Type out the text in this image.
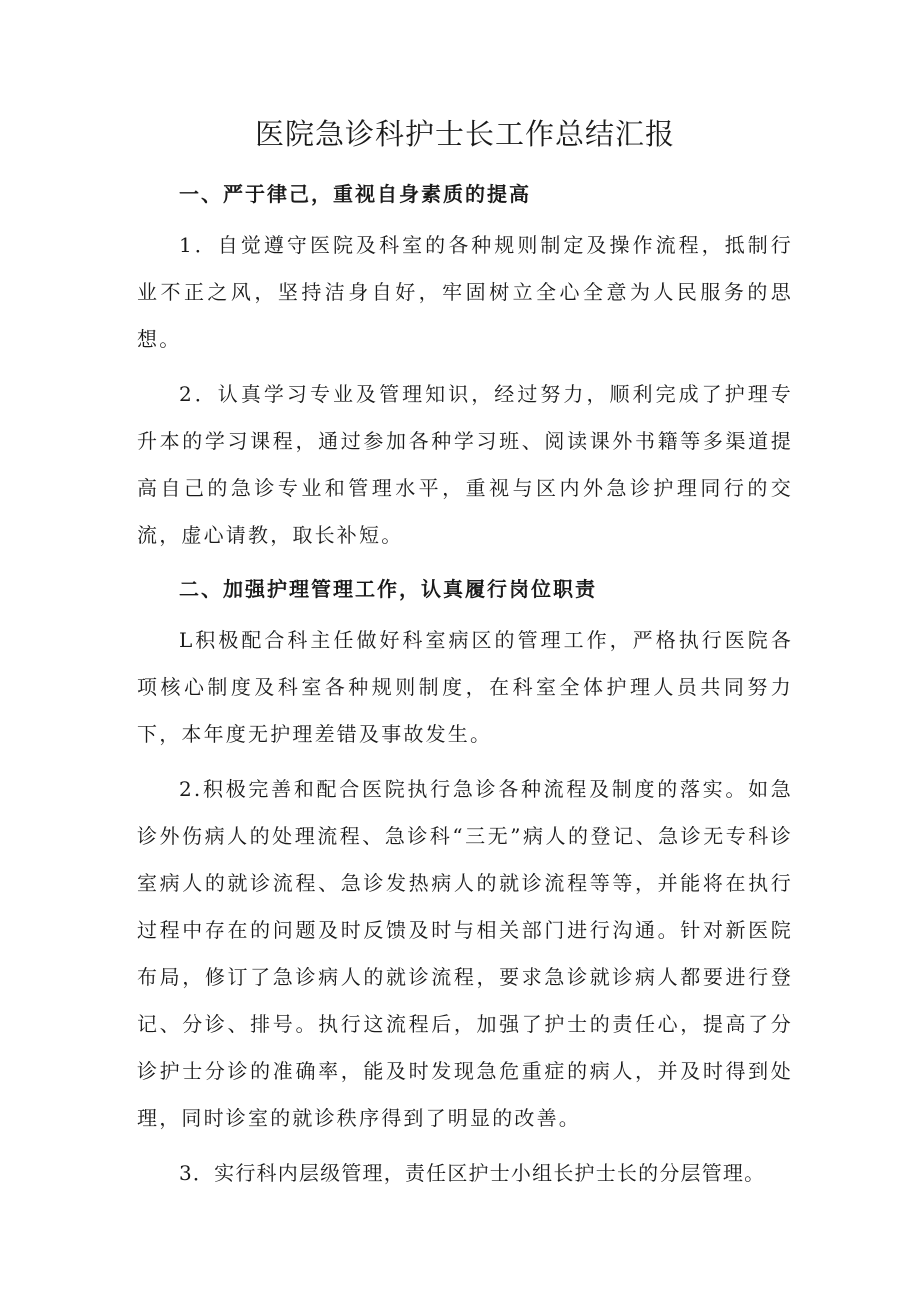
医院急诊科护士长工作总结汇报
一、严于律己，重视自身素质的提高

1．自觉遵守医院及科室的各种规则制定及操作流程，抵制行业不正之风，坚持洁身自好，牢固树立全心全意为人民服务的思想。

2．认真学习专业及管理知识，经过努力，顺利完成了护理专升本的学习课程，通过参加各种学习班、阅读课外书籍等多渠道提高自己的急诊专业和管理水平，重视与区内外急诊护理同行的交流，虚心请教，取长补短。

二、加强护理管理工作，认真履行岗位职责

L积极配合科主任做好科室病区的管理工作，严格执行医院各项核心制度及科室各种规则制度，在科室全体护理人员共同努力下，本年度无护理差错及事故发生。

2.积极完善和配合医院执行急诊各种流程及制度的落实。如急诊外伤病人的处理流程、急诊科“三无”病人的登记、急诊无专科诊室病人的就诊流程、急诊发热病人的就诊流程等等，并能将在执行过程中存在的问题及时反馈及时与相关部门进行沟通。针对新医院布局，修订了急诊病人的就诊流程，要求急诊就诊病人都要进行登记、分诊、排号。执行这流程后，加强了护士的责任心，提高了分诊护士分诊的准确率，能及时发现急危重症的病人，并及时得到处理，同时诊室的就诊秩序得到了明显的改善。

3．实行科内层级管理，责任区护士小组长护士长的分层管理。
